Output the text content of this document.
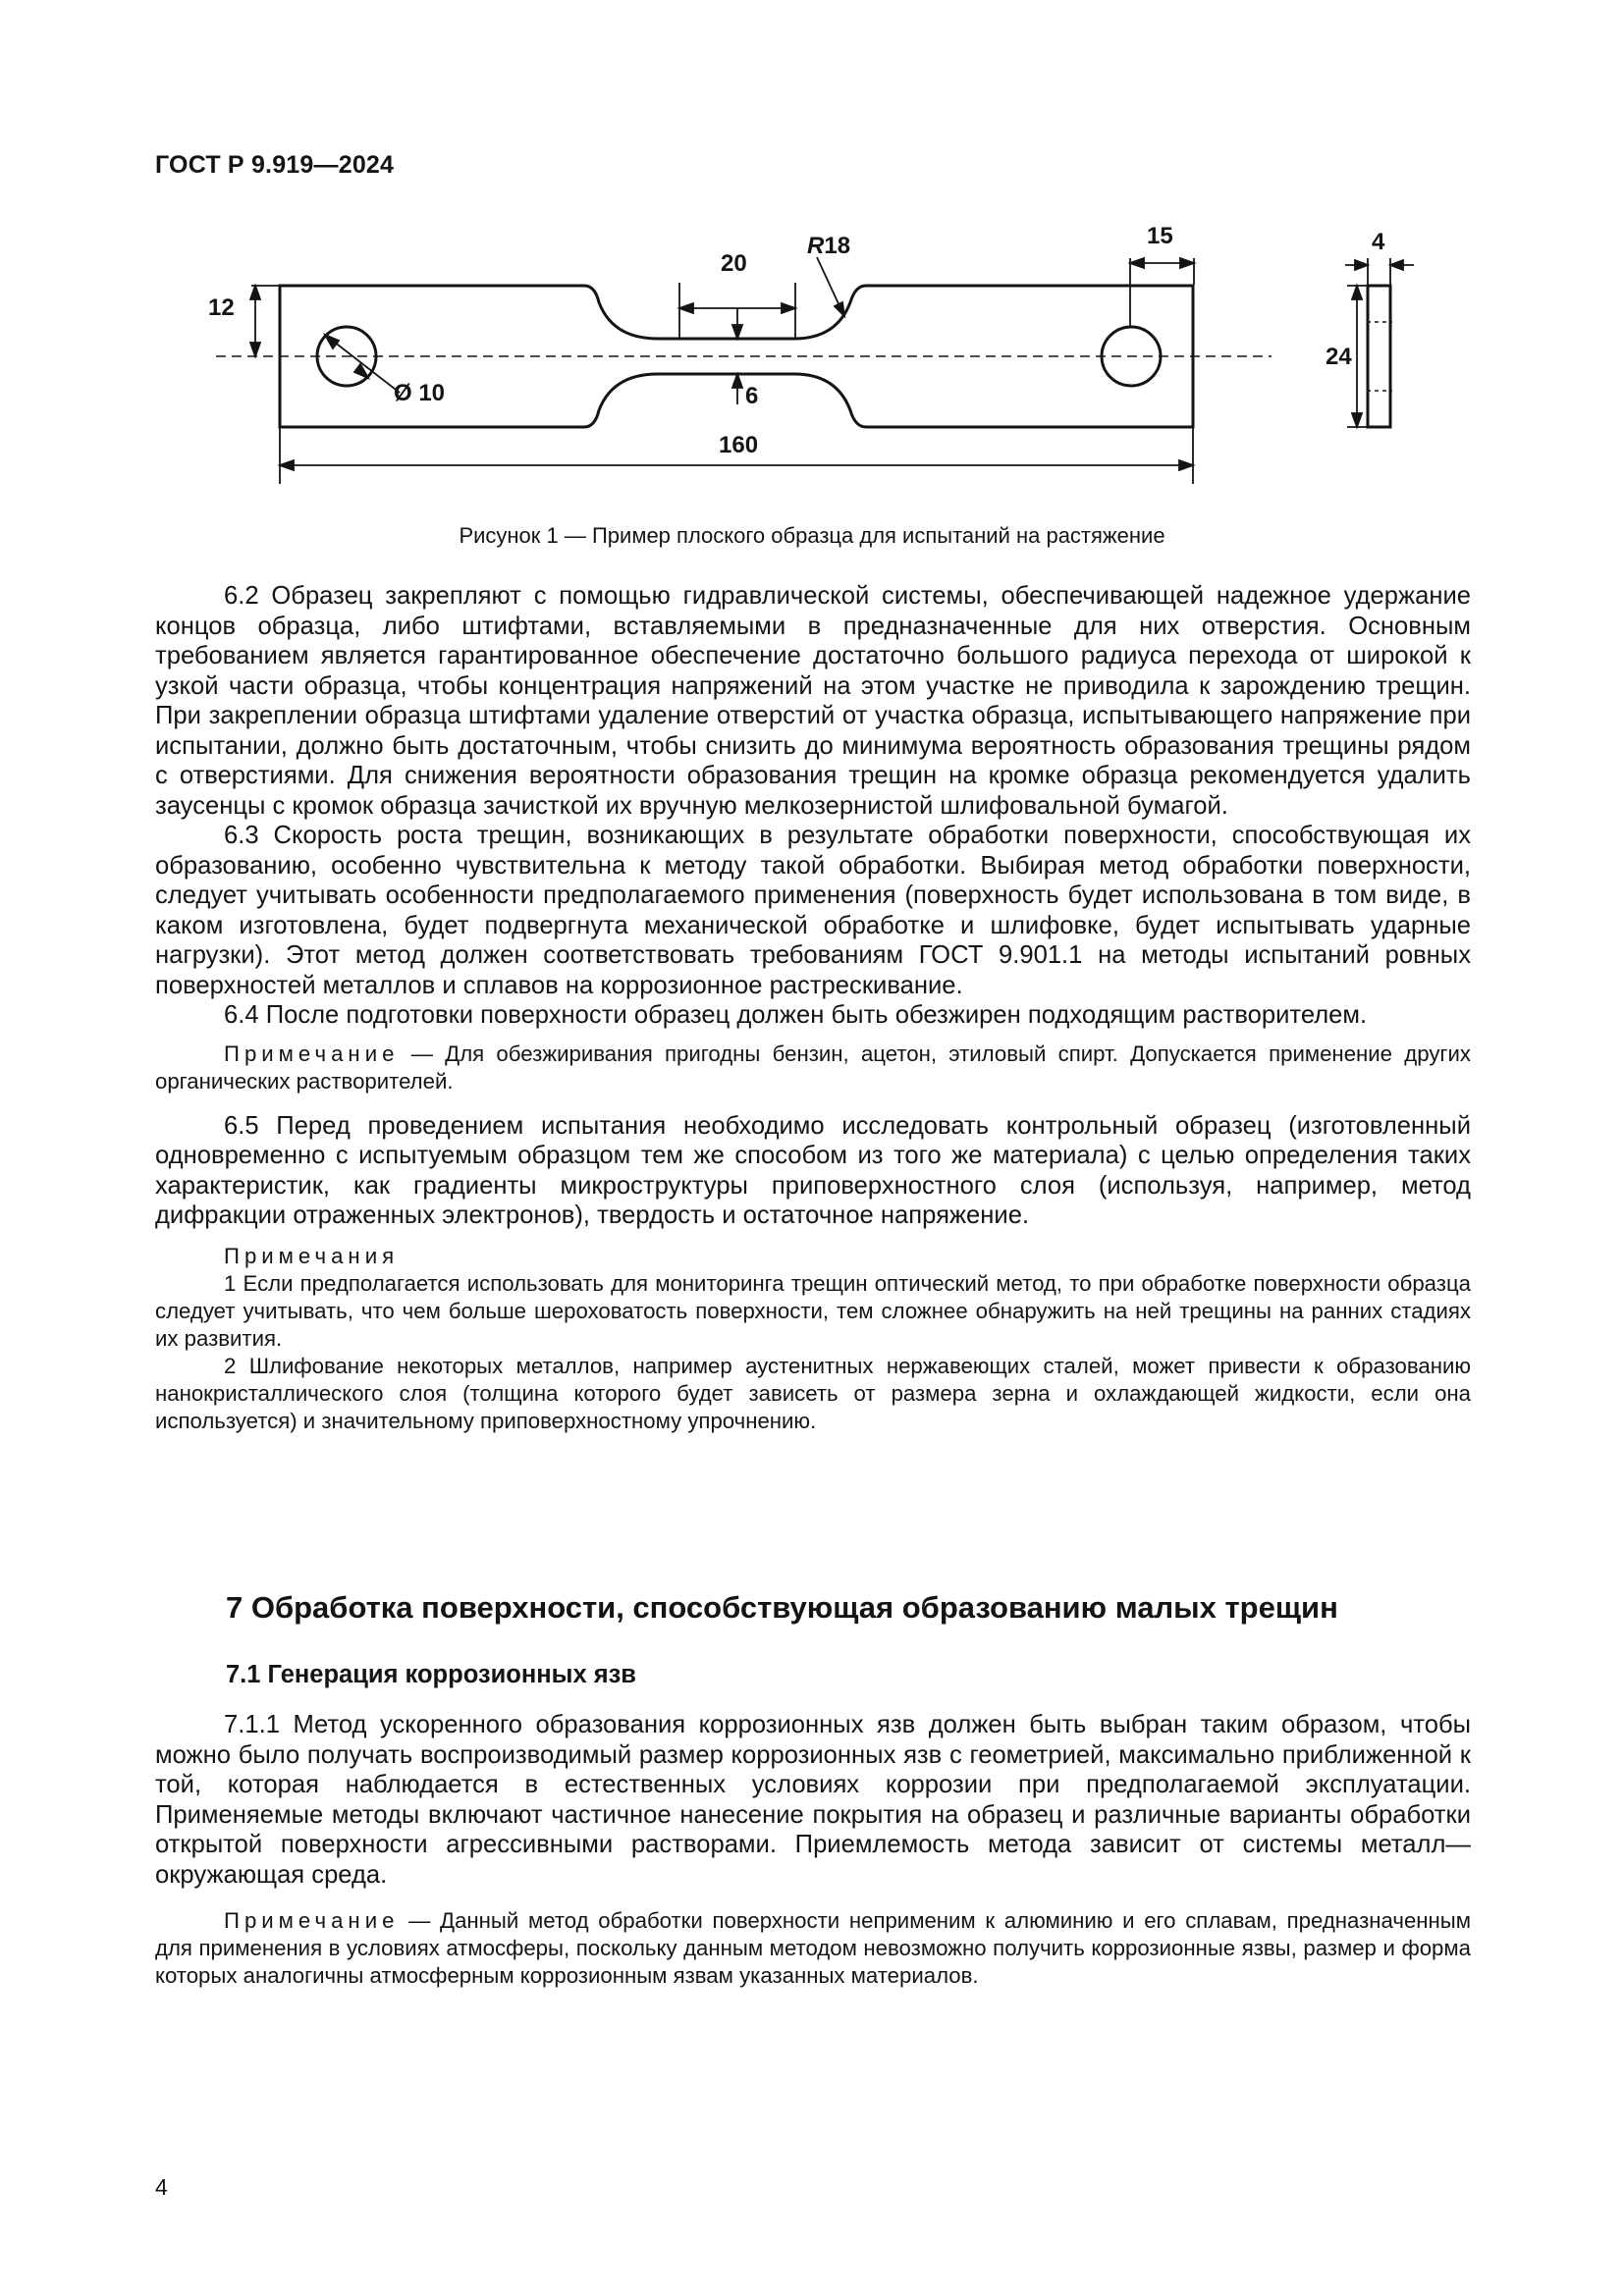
ГОСТ Р 9.919—2024
12
20
R18
6
15	4
24
Ø 10
160
Рисунок 1 — Пример плоского образца для испытаний на растяжение

6.2 Образец закрепляют с помощью гидравлической системы, обеспечивающей надежное удержание концов образца, либо штифтами, вставляемыми в предназначенные для них отверстия. Основным требованием является гарантированное обеспечение достаточно большого радиуса перехода от широкой к узкой части образца, чтобы концентрация напряжений на этом участке не приводила к зарождению трещин. При закреплении образца штифтами удаление отверстий от участка образца, испытывающего напряжение при испытании, должно быть достаточным, чтобы снизить до минимума вероятность образования трещины рядом с отверстиями. Для снижения вероятности образования трещин на кромке образца рекомендуется удалить заусенцы с кромок образца зачисткой их вручную мелкозернистой шлифовальной бумагой.

6.3 Скорость роста трещин, возникающих в результате обработки поверхности, способствующая их образованию, особенно чувствительна к методу такой обработки. Выбирая метод обработки поверхности, следует учитывать особенности предполагаемого применения (поверхность будет использована в том виде, в каком изготовлена, будет подвергнута механической обработке и шлифовке, будет испытывать ударные нагрузки). Этот метод должен соответствовать требованиям ГОСТ 9.901.1 на методы испытаний ровных поверхностей металлов и сплавов на коррозионное растрескивание.

6.4 После подготовки поверхности образец должен быть обезжирен подходящим растворителем.

Примечание — Для обезжиривания пригодны бензин, ацетон, этиловый спирт. Допускается применение других органических растворителей.

6.5 Перед проведением испытания необходимо исследовать контрольный образец (изготовленный одновременно с испытуемым образцом тем же способом из того же материала) с целью определения таких характеристик, как градиенты микроструктуры приповерхностного слоя (используя, например, метод дифракции отраженных электронов), твердость и остаточное напряжение.

Примечания

1 Если предполагается использовать для мониторинга трещин оптический метод, то при обработке поверхности образца следует учитывать, что чем больше шероховатость поверхности, тем сложнее обнаружить на ней трещины на ранних стадиях их развития.

2 Шлифование некоторых металлов, например аустенитных нержавеющих сталей, может привести к образованию нанокристаллического слоя (толщина которого будет зависеть от размера зерна и охлаждающей жидкости, если она используется) и значительному приповерхностному упрочнению.

7 Обработка поверхности, способствующая образованию малых трещин
7.1 Генерация коррозионных язв

7.1.1 Метод ускоренного образования коррозионных язв должен быть выбран таким образом, чтобы можно было получать воспроизводимый размер коррозионных язв с геометрией, максимально приближенной к той, которая наблюдается в естественных условиях коррозии при предполагаемой эксплуатации. Применяемые методы включают частичное нанесение покрытия на образец и различные варианты обработки открытой поверхности агрессивными растворами. Приемлемость метода зависит от системы металл—окружающая среда.

Примечание — Данный метод обработки поверхности неприменим к алюминию и его сплавам, предназначенным для применения в условиях атмосферы, поскольку данным методом невозможно получить коррозионные язвы, размер и форма которых аналогичны атмосферным коррозионным язвам указанных материалов.

4
